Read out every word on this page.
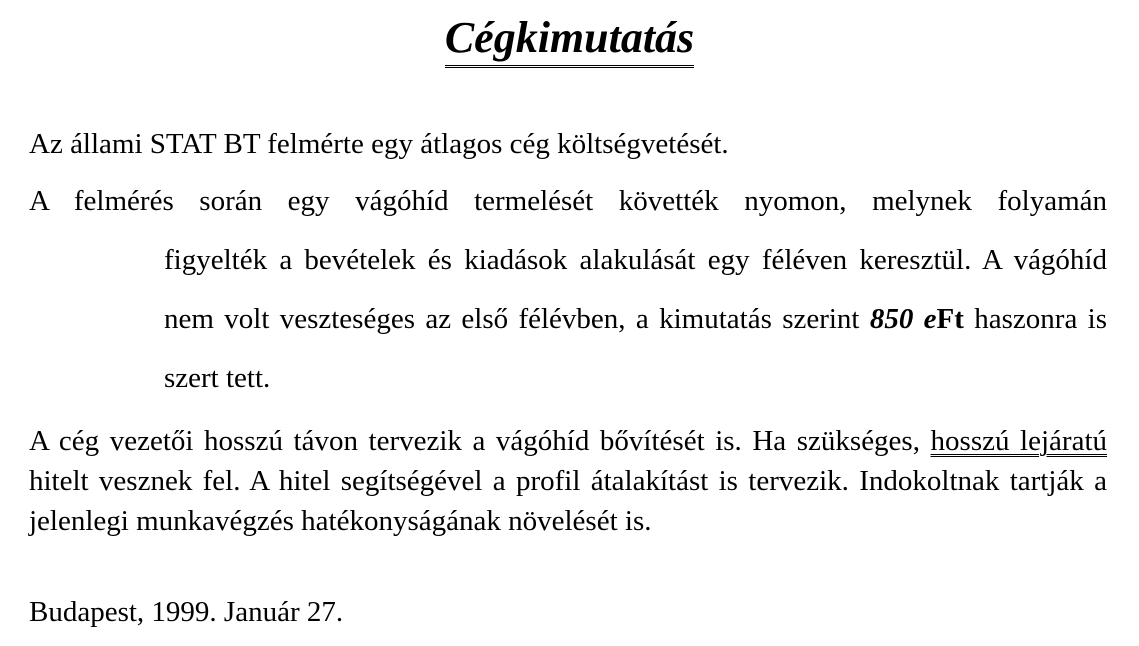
Cégkimutatás

Az állami STAT BT felmérte egy átlagos cég költségvetését.

A felmérés során egy vágóhíd termelését követték nyomon, melynek folyamán
figyelték a bevételek és kiadások alakulását egy féléven keresztül. A vágóhíd nem volt veszteséges az első félévben, a kimutatás szerint 850 eFt haszonra is szert tett.

A cég vezetői hosszú távon tervezik a vágóhíd bővítését is. Ha szükséges, hosszú lejáratú hitelt vesznek fel. A hitel segítségével a profil átalakítást is tervezik. Indokoltnak tartják a jelenlegi munkavégzés hatékonyságának növelését is.

Budapest, 1999. Január 27.
